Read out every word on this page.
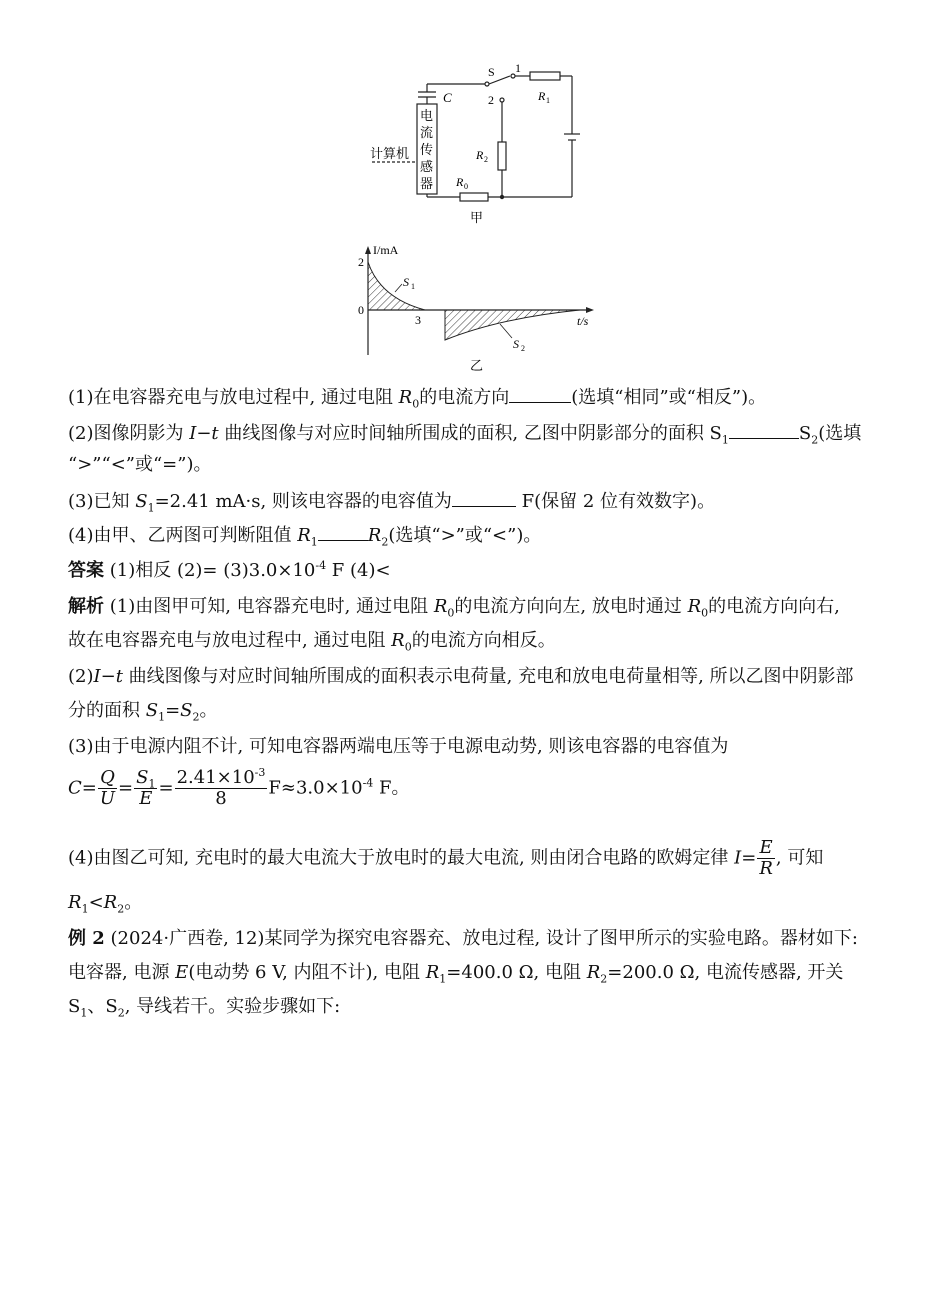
S 1
2
C	R 1
R 2
R 0
电
流
传
感
器
计算机
甲
I/mA
2
0
3	t/s
S 1
S 2
乙
(1)在电容器充电与放电过程中, 通过电阻 $R_0$的电流方向	(选填“相同”或“相反”)。
(2)图像阴影为 I−t 曲线图像与对应时间轴所围成的面积, 乙图中阴影部分的面积 $S_1$	$S_2$(选填
“>”“<”或“=”)。
(3)已知 $S_1=2.41$ mA·s, 则该电容器的电容值为	F(保留 2 位有效数字)。
(4)由甲、乙两图可判断阻值 $R_1$	$R_2$(选填“>”或“<”)。
答案 (1)相反 $(2)= (3)3.0\times 10^{-4}$ F (4)<
解析 (1)由图甲可知, 电容器充电时, 通过电阻 $R_0$的电流方向向左, 放电时通过 $R_0$的电流方向向右,
故在电容器充电与放电过程中, 通过电阻 $R_0$的电流方向相反。
(2)I−t 曲线图像与对应时间轴所围成的面积表示电荷量, 充电和放电电荷量相等, 所以乙图中阴影部
分的面积 $S_1=S_2$。
(3)由于电源内阻不计, 可知电容器两端电压等于电源电动势, 则该电容器的电容值为
$C= \frac{Q}{U} = \frac{S_1}{E} = \frac{2.41\times 10^{-3}}{8} F\approx 3.0\times 10^{-4}$ F。
(4)由图乙可知, 充电时的最大电流大于放电时的最大电流, 则由闭合电路的欧姆定律 $I= \frac{E}{R}$ , 可知
$R_1<R_2$。
例 2 (2024·广西卷, 12)某同学为探究电容器充、放电过程, 设计了图甲所示的实验电路。器材如下:
电容器, 电源 E(电动势 6 V, 内阻不计), 电阻 $R_1=400.0$ Ω, 电阻 $R_2=200.0$ Ω, 电流传感器, 开关
$S_1$、$S_2$, 导线若干。实验步骤如下:
